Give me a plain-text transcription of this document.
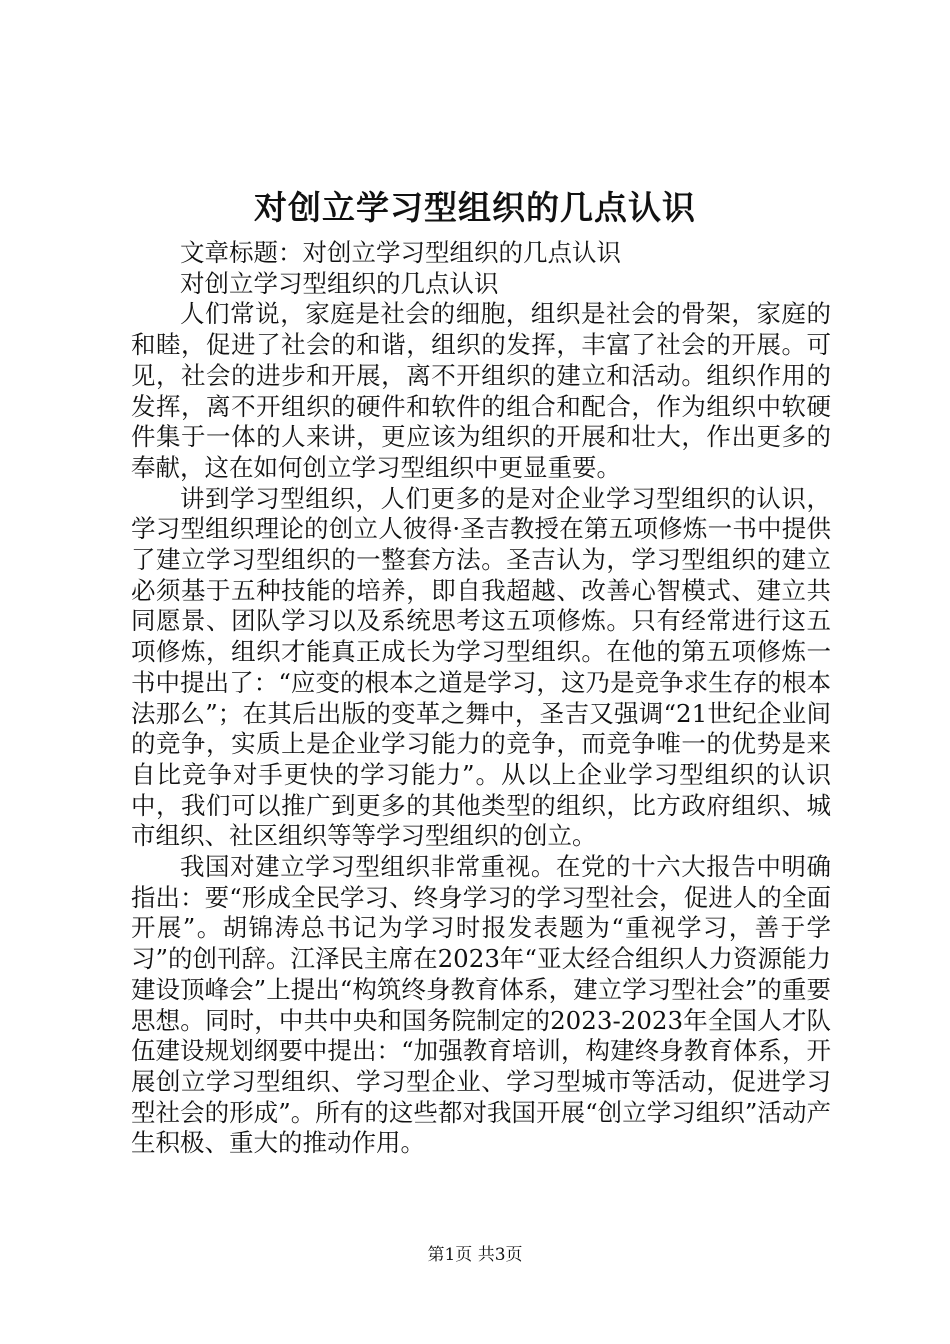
对创立学习型组织的几点认识

文章标题：对创立学习型组织的几点认识

对创立学习型组织的几点认识

人们常说，家庭是社会的细胞，组织是社会的骨架，家庭的和睦，促进了社会的和谐，组织的发挥，丰富了社会的开展。可见，社会的进步和开展，离不开组织的建立和活动。组织作用的发挥，离不开组织的硬件和软件的组合和配合，作为组织中软硬件集于一体的人来讲，更应该为组织的开展和壮大，作出更多的奉献，这在如何创立学习型组织中更显重要。

讲到学习型组织，人们更多的是对企业学习型组织的认识，学习型组织理论的创立人彼得·圣吉教授在第五项修炼一书中提供了建立学习型组织的一整套方法。圣吉认为，学习型组织的建立必须基于五种技能的培养，即自我超越、改善心智模式、建立共同愿景、团队学习以及系统思考这五项修炼。只有经常进行这五项修炼，组织才能真正成长为学习型组织。在他的第五项修炼一书中提出了：“应变的根本之道是学习，这乃是竞争求生存的根本法那么”；在其后出版的变革之舞中，圣吉又强调“21世纪企业间的竞争，实质上是企业学习能力的竞争，而竞争唯一的优势是来自比竞争对手更快的学习能力”。从以上企业学习型组织的认识中，我们可以推广到更多的其他类型的组织，比方政府组织、城市组织、社区组织等等学习型组织的创立。

我国对建立学习型组织非常重视。在党的十六大报告中明确指出：要“形成全民学习、终身学习的学习型社会，促进人的全面开展”。胡锦涛总书记为学习时报发表题为“重视学习，善于学习”的创刊辞。江泽民主席在2023年“亚太经合组织人力资源能力建设顶峰会”上提出“构筑终身教育体系，建立学习型社会”的重要思想。同时，中共中央和国务院制定的2023-2023年全国人才队伍建设规划纲要中提出：“加强教育培训，构建终身教育体系，开展创立学习型组织、学习型企业、学习型城市等活动，促进学习型社会的形成”。所有的这些都对我国开展“创立学习组织”活动产生积极、重大的推动作用。

第1页 共3页
